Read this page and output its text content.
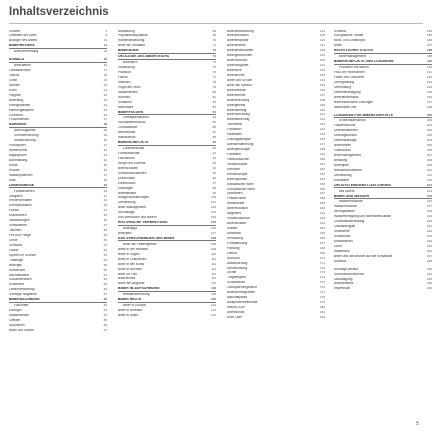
Inhaltsverzeichnis
Vorwort	4
Gestalter der Auen	6
Biologie des Bibers	11
BIBERREVIERE	14
Biberverbreitung	14
AUWALD	16
Biberdamm	16
Gewässerrand	17
Totholz	18
Schilf	19
Weiden	20
Erlen	21
Pappeln	22
Biberburg	23
Kleingewässer	24
Nahrungsflächen	25
Grünland	26
Feuchtwiesen	27
NAHRUNG	28
Nahrungskette	28
Sommernahrung	29
Winternahrung	30
Fraßspuren	31
Wintervorrat	32
Nagespuren	33
Baumfällung	34
Rinde	35
Kräuter	36
Wasserpflanzen	37
Äste	38
LEBENSWEISE	40
Familienleben	40
Jungtiere	41
Revierverhalten	42
Kommunikation	43
Feinde	44
Krankheiten	45
Wanderungen	46
Schwimmen	47
Tauchen	48
Fell und Pflege	49
Sinne	50
Schwanz	51
Zähne	52
Spuren im Schnee	53
Trittsiegel	54
Bibergeil	55
Winterruhe	56
Nachtaktivität	57
Sozialverhalten	58
Einzeltiere	59
Lebenserwartung	60
Sonstige Nagetiere	61
BIBERNACHBARN	62
Fischotter	62
Eisvogel	63
Wasseramsel	64
Libellen	65
Amphibien	66
Biber und Straße	67
Aufstauung	68
Populationsdynamik	69
Wiederansiedlung	70
Biber als Gestalter	71
BIBERAUEN	72
ÖKOLOGIE DES BIBERTEICHS	74
Biberteich	74
Verlandung	75
Plankton	76
Fische	77
Insekten	78
Vögel am Teich	79
Wasserlinsen	80
Röhricht	81
Schlamm	82
Nährstoffe	83
BIBERFOLGEN	84
Gewässerstruktur	84
Hochwasserschutz	85
Grundwasser	86
Artenvielfalt	87
Naturschutz	88
BIBERKONFLIKTE	90
Landwirtschaft	90
Forstwirtschaft	91
Fischteiche	92
Wege und Dämme	93
Biberschäden	94
Schutzmaßnahmen	95
Drahthosen	96
Elektrozaun	97
Drainagen	98
Biberberater	99
Ausgleichszahlungen	100
Umsiedlung	101
Biber-Management	102
Rechtslage	103
Von Menschen und Bibern	104
HISTORISCHE VERBREITUNG	106
Biberjagd	106
Biberpelz	107
DAS VERSCHWINDEN DER BIBER	108
Biber als Fastenspeise	108
Biber in der Heraldik	109
Biber in Sagen	110
Biber in Ortsnamen	111
Biber in der Kunst	112
Biber in Büchern	113
Biber im Film	114
Biberschutz	115
Biber am Abgrund	116
BIBER IM AUFSCHWUNG	118
Bestandserholung	118
BIBER HEUTE	120
Biber in Europa	120
Biber in Amerika	121
Biber in Asien	122
Biberbeobachtung	124
Biberexkursion	125
Biberlehrpfade	126
Biberzeichen	127
Biberlandschaften	128
Bibergeschichten	129
Bibermuseum	130
Biberfotografie	131
Biberfilme	132
Biberbücher	133
Biber und Schule	134
Biber als Symbol	135
Biberfreunde	136
Bibervereine	137
Biberforschung	138
Bibergenetik	139
Biberzählung	140
Bibermonitoring	141
Biberkartierung	142
Telemetrie	143
Fotofallen	144
Haarfallen	145
Losungsanalyse	146
Altersbestimmung	147
Biberpathologie	148
Parasiten	149
Todesursachen	150
Verkehrsopfer	151
Ertrinken	152
Revierkämpfe	153
Biberhybriden	154
Kanadischer Biber	155
Europäischer Biber	156
Unterarten	157
Fossile Biber	158
Riesenbiber	159
Biberevolution	160
Nagetiere	161
Verwandtschaft	162
Biberschädel	163
Skelett	164
Anatomie	165
Verdauung	166
Fortpflanzung	167
Paarung	168
Geburt	169
Aufzucht	170
Abwanderung	171
Revierbildung	172
Dichte	173
Tragfähigkeit	174
Schlüsselart	175
Ökosystemingenieur	176
Biberschutzgebiete	177
Nationalparks	178
Biosphärenreservate	179
Natura 2000	180
Artenschutz	181
Rote Liste	182
Schweiz	184
Europäische Länder	185
Nord- und Osteuropa	186
Asien	187
RECHTLICHER STATUS	188
Bibermanagement	188
BIBERKONFLIKTE UND LÖSUNGEN	190
Probleme mit Bibern	190
Fraß an Feldfrüchten	191
Fällen von Gehölzen	192
Untergrabung	193
Überflutung	194
Dammbeseitigung	195
Biberhindernisse	196
Biberfreundliche Lösungen	197
Naturnahe Ufer	198
LÖSUNGEN FÜR BIBERKONFLIKTE	200
Einzelbaumschutz	200
Flächenschutz	201
Uferrandstreifen	202
Drainageschutz	203
Dammdrainage	204
Biberröhren	205
Grabschutz	206
Bibermanagement	207
Beratung	208
Bibergitter	209
Notfallmaßnahmen	210
Umsiedlung	211
Entnahme	212
ÖKOSYSTEMDIENSTLEISTUNGEN	214
des Bibers	214
BIBER UND WASSER	216
Wasserhaushalt	216
Wasserrückhalt	217
Niedrigwasser	218
Wasserreinigung und Nährstoffrückhalt	219
Grundwasserbildung	220
Gewässergüte	221
Sedimente	222
Kohlenstoff	223
Klimawandel	224
Dürre	225
Waldbrand	226
Biber und die Antwort auf die Klimakrise	227
Ausblick	228
Anhang/Literatur	230
Stichwortverzeichnis	232
Danksagung	236
Bildnachweis	238
Impressum	240
5
